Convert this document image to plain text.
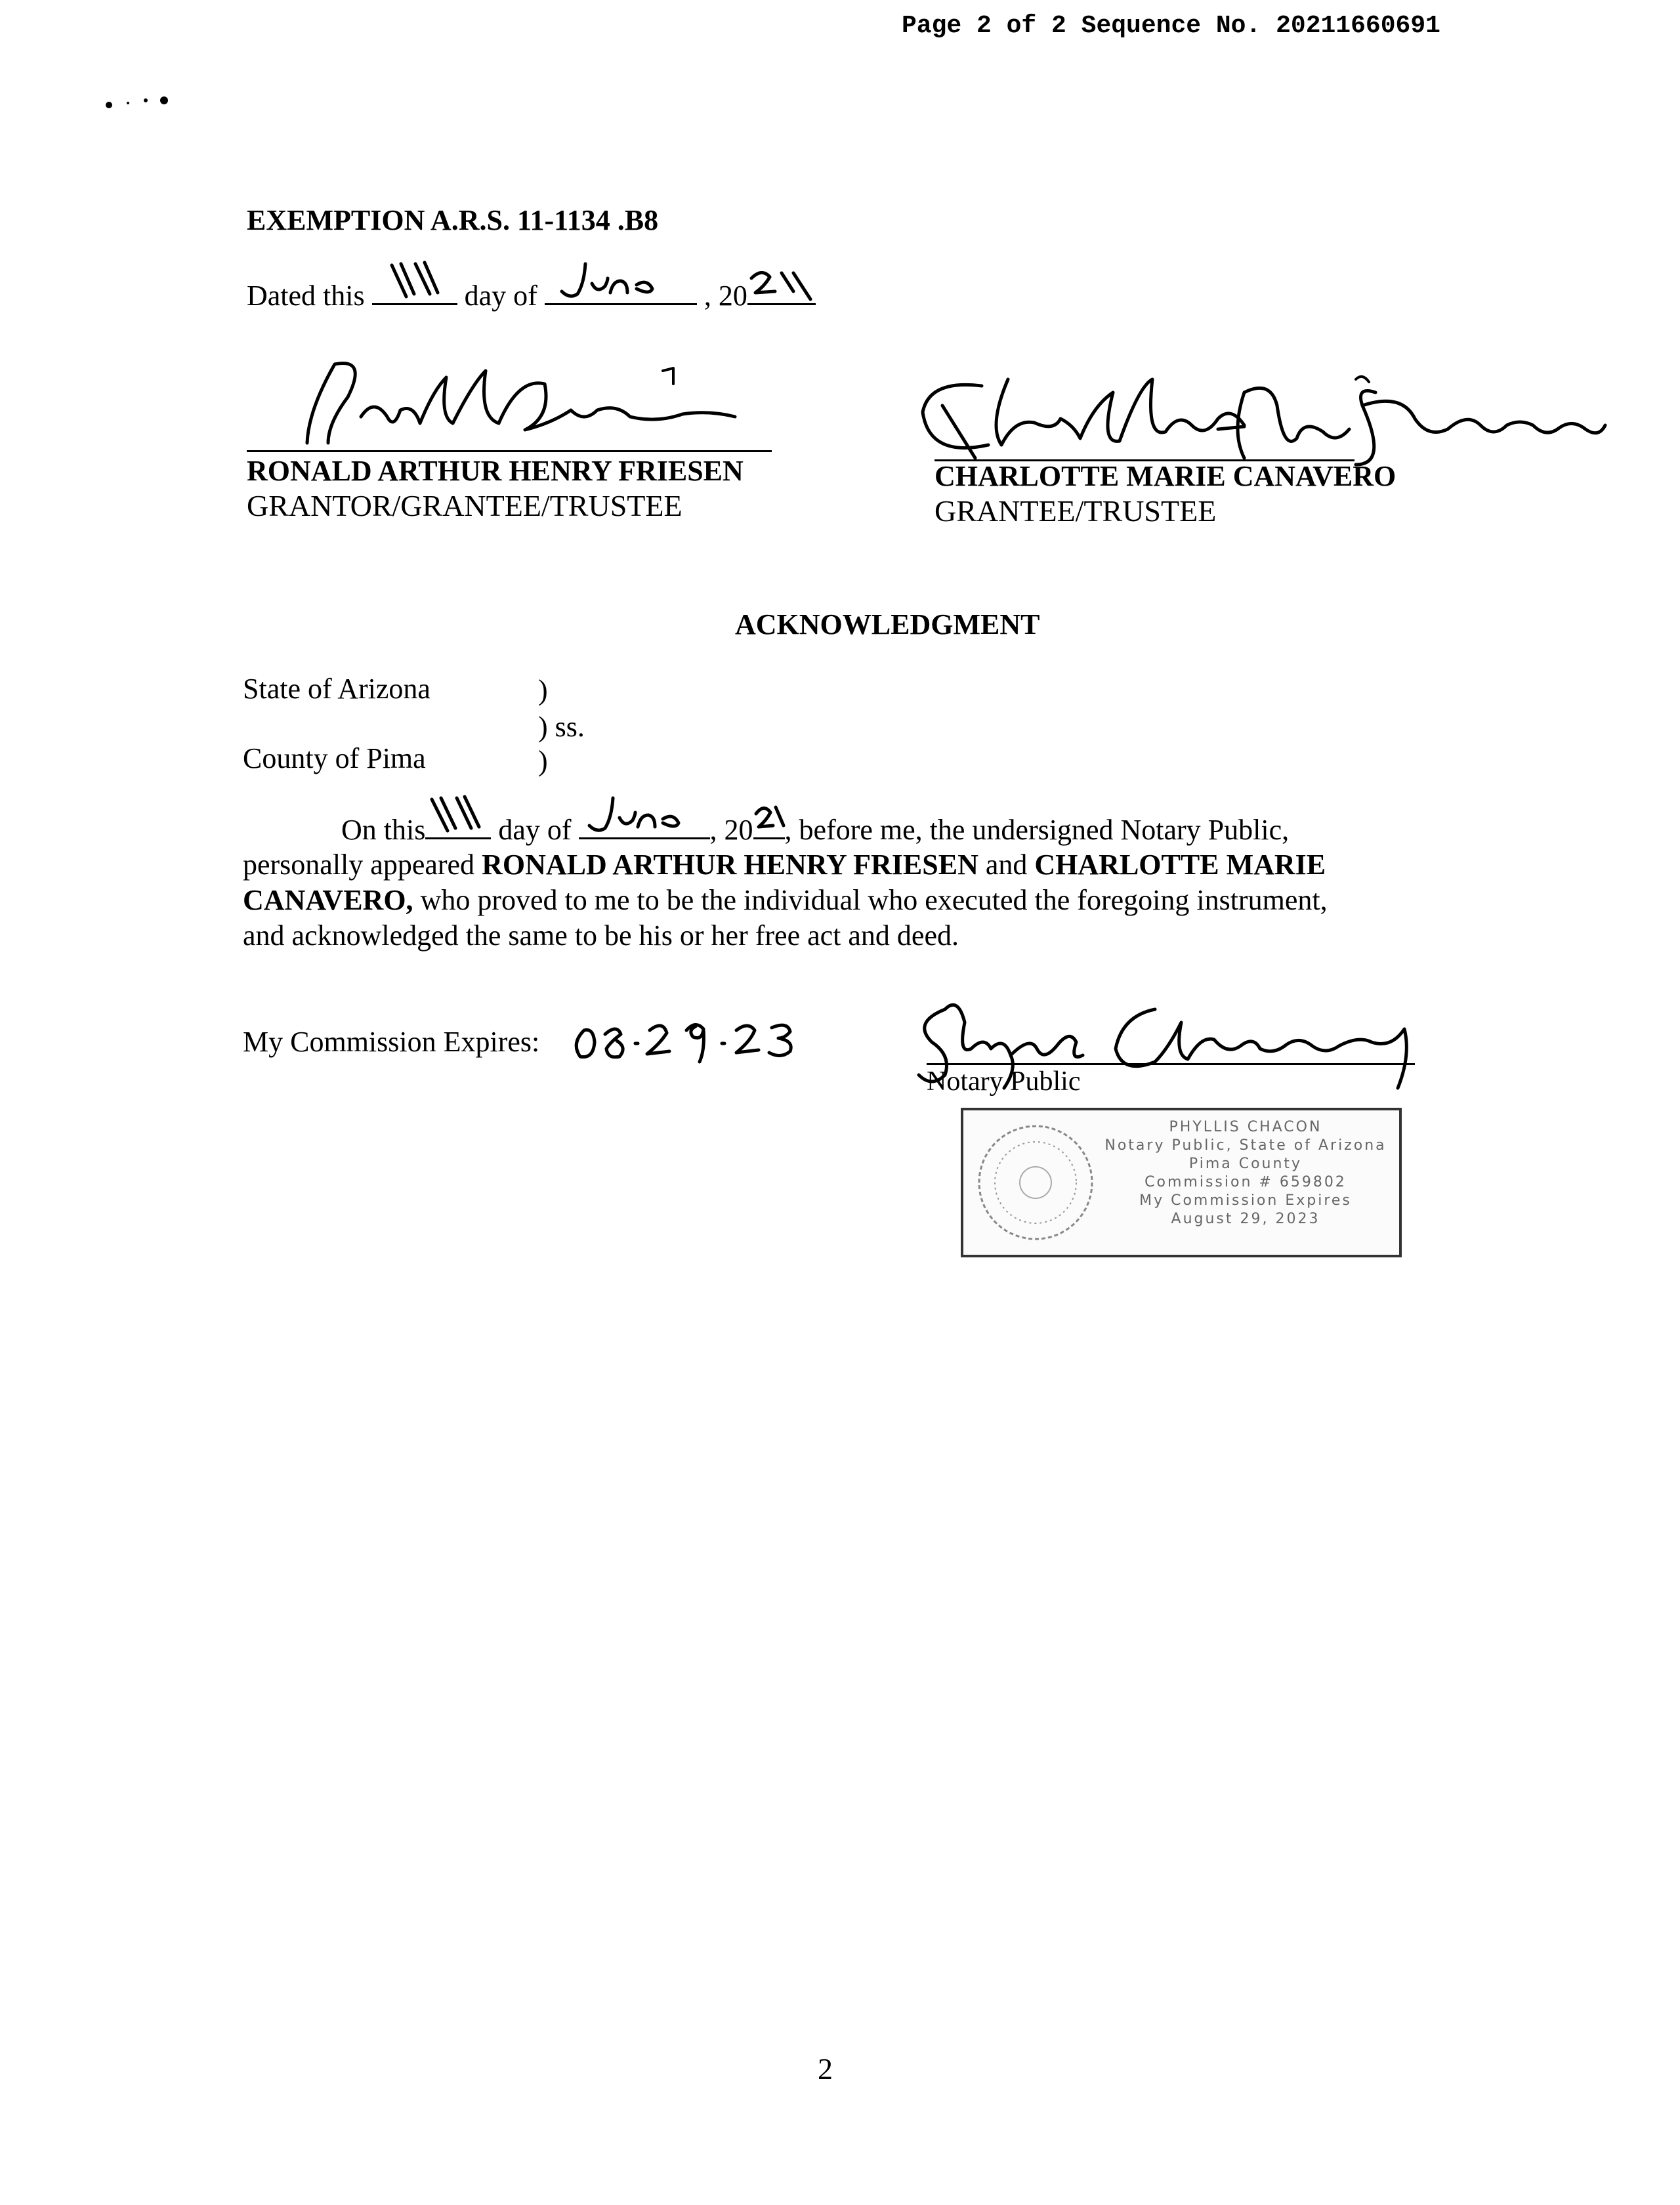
Page 2 of 2 Sequence No. 20211660691
EXEMPTION A.R.S. 11-1134 .B8
Dated this	day of	, 20
RONALD ARTHUR HENRY FRIESEN
GRANTOR/GRANTEE/TRUSTEE
CHARLOTTE MARIE CANAVERO
GRANTEE/TRUSTEE
ACKNOWLEDGMENT
State of Arizona	)
) ss.
County of Pima	)
On this	day of	, 20 , before me, the undersigned Notary Public,
personally appeared RONALD ARTHUR HENRY FRIESEN and CHARLOTTE MARIE
CANAVERO, who proved to me to be the individual who executed the foregoing instrument,
and acknowledged the same to be his or her free act and deed.
My Commission Expires:
Notary Public
PHYLLIS CHACON
Notary Public, State of Arizona
Pima County
Commission # 659802
My Commission Expires
August 29, 2023
2
